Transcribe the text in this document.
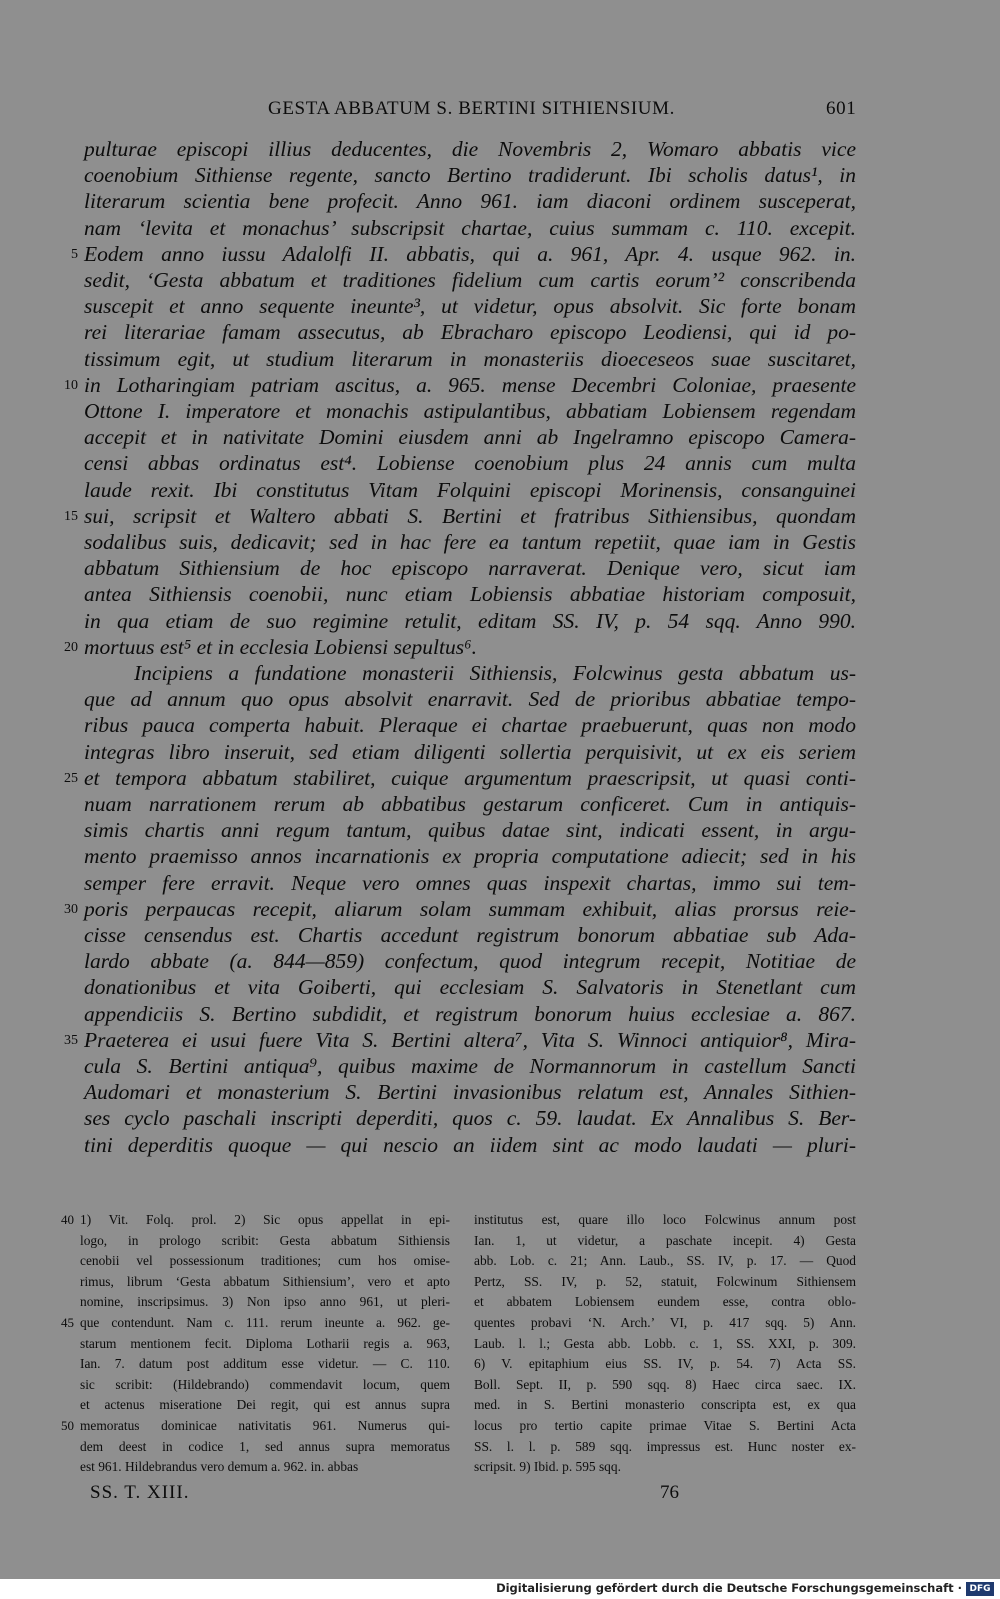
GESTA ABBATUM S. BERTINI SITHIENSIUM.	601
pulturae episcopi illius deducentes, die Novembris 2, Womaro abbatis vice
coenobium Sithiense regente, sancto Bertino tradiderunt. Ibi scholis datus¹, in
literarum scientia bene profecit. Anno 961. iam diaconi ordinem susceperat,
nam ‘levita et monachus’ subscripsit chartae, cuius summam c. 110. excepit.
5 Eodem anno iussu Adalolfi II. abbatis, qui a. 961, Apr. 4. usque 962. in.
sedit, ‘Gesta abbatum et traditiones fidelium cum cartis eorum’² conscribenda
suscepit et anno sequente ineunte³, ut videtur, opus absolvit. Sic forte bonam
rei literariae famam assecutus, ab Ebracharo episcopo Leodiensi, qui id po-
tissimum egit, ut studium literarum in monasteriis dioeceseos suae suscitaret,
10 in Lotharingiam patriam ascitus, a. 965. mense Decembri Coloniae, praesente
Ottone I. imperatore et monachis astipulantibus, abbatiam Lobiensem regendam
accepit et in nativitate Domini eiusdem anni ab Ingelramno episcopo Camera-
censi abbas ordinatus est⁴. Lobiense coenobium plus 24 annis cum multa
laude rexit. Ibi constitutus Vitam Folquini episcopi Morinensis, consanguinei
15 sui, scripsit et Waltero abbati S. Bertini et fratribus Sithiensibus, quondam
sodalibus suis, dedicavit; sed in hac fere ea tantum repetiit, quae iam in Gestis
abbatum Sithiensium de hoc episcopo narraverat. Denique vero, sicut iam
antea Sithiensis coenobii, nunc etiam Lobiensis abbatiae historiam composuit,
in qua etiam de suo regimine retulit, editam SS. IV, p. 54 sqq. Anno 990.
20 mortuus est⁵ et in ecclesia Lobiensi sepultus⁶.
Incipiens a fundatione monasterii Sithiensis, Folcwinus gesta abbatum us-
que ad annum quo opus absolvit enarravit. Sed de prioribus abbatiae tempo-
ribus pauca comperta habuit. Pleraque ei chartae praebuerunt, quas non modo
integras libro inseruit, sed etiam diligenti sollertia perquisivit, ut ex eis seriem
25 et tempora abbatum stabiliret, cuique argumentum praescripsit, ut quasi conti-
nuam narrationem rerum ab abbatibus gestarum conficeret. Cum in antiquis-
simis chartis anni regum tantum, quibus datae sint, indicati essent, in argu-
mento praemisso annos incarnationis ex propria computatione adiecit; sed in his
semper fere erravit. Neque vero omnes quas inspexit chartas, immo sui tem-
30 poris perpaucas recepit, aliarum solam summam exhibuit, alias prorsus reie-
cisse censendus est. Chartis accedunt registrum bonorum abbatiae sub Ada-
lardo abbate (a. 844—859) confectum, quod integrum recepit, Notitiae de
donationibus et vita Goiberti, qui ecclesiam S. Salvatoris in Stenetlant cum
appendiciis S. Bertino subdidit, et registrum bonorum huius ecclesiae a. 867.
35 Praeterea ei usui fuere Vita S. Bertini altera⁷, Vita S. Winnoci antiquior⁸, Mira-
cula S. Bertini antiqua⁹, quibus maxime de Normannorum in castellum Sancti
Audomari et monasterium S. Bertini invasionibus relatum est, Annales Sithien-
ses cyclo paschali inscripti deperditi, quos c. 59. laudat. Ex Annalibus S. Ber-
tini deperditis quoque — qui nescio an iidem sint ac modo laudati — pluri-
40 1) Vit. Folq. prol. 2) Sic opus appellat in epi-
logo, in prologo scribit: Gesta abbatum Sithiensis
cenobii vel possessionum traditiones; cum hos omise-
rimus, librum ‘Gesta abbatum Sithiensium’, vero et apto
nomine, inscripsimus. 3) Non ipso anno 961, ut pleri-
45 que contendunt. Nam c. 111. rerum ineunte a. 962. ge-
starum mentionem fecit. Diploma Lotharii regis a. 963,
Ian. 7. datum post additum esse videtur. — C. 110.
sic scribit: (Hildebrando) commendavit locum, quem
et actenus miseratione Dei regit, qui est annus supra
50 memoratus dominicae nativitatis 961. Numerus qui-
dem deest in codice 1, sed annus supra memoratus
est 961. Hildebrandus vero demum a. 962. in. abbas
institutus est, quare illo loco Folcwinus annum post
Ian. 1, ut videtur, a paschate incepit. 4) Gesta
abb. Lob. c. 21; Ann. Laub., SS. IV, p. 17. — Quod
Pertz, SS. IV, p. 52, statuit, Folcwinum Sithiensem
et abbatem Lobiensem eundem esse, contra oblo-
quentes probavi ‘N. Arch.’ VI, p. 417 sqq. 5) Ann.
Laub. l. l.; Gesta abb. Lobb. c. 1, SS. XXI, p. 309.
6) V. epitaphium eius SS. IV, p. 54. 7) Acta SS.
Boll. Sept. II, p. 590 sqq. 8) Haec circa saec. IX.
med. in S. Bertini monasterio conscripta est, ex qua
locus pro tertio capite primae Vitae S. Bertini Acta
SS. l. l. p. 589 sqq. impressus est. Hunc noster ex-
scripsit. 9) Ibid. p. 595 sqq.
SS. T. XIII.	76
Digitalisierung gefördert durch die Deutsche Forschungsgemeinschaft · DFG
